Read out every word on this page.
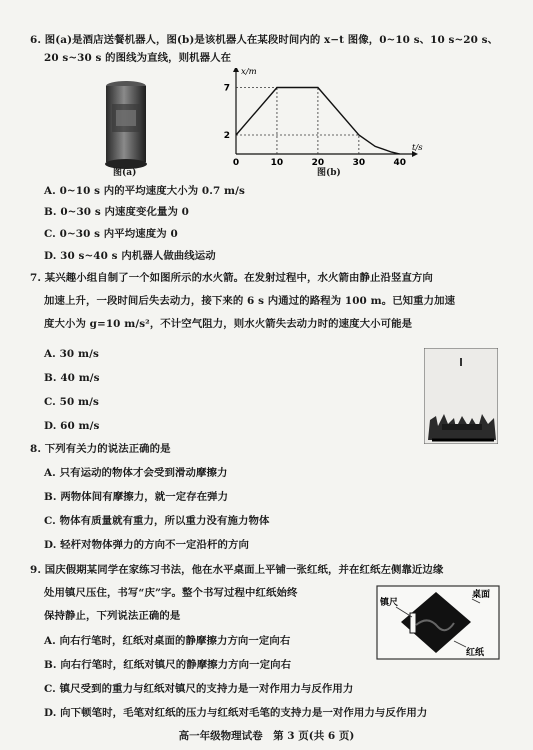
6. 图(a)是酒店送餐机器人，图(b)是该机器人在某段时间内的 x−t 图像，0~10 s、10 s~20 s、
20 s~30 s 的图线为直线，则机器人在
图(a)
0	10	20	30	40
2
7
t/s
x/m
图(b)
A. 0~10 s 内的平均速度大小为 0.7 m/s
B. 0~30 s 内速度变化量为 0
C. 0~30 s 内平均速度为 0
D. 30 s~40 s 内机器人做曲线运动
7. 某兴趣小组自制了一个如图所示的水火箭。在发射过程中，水火箭由静止沿竖直方向
加速上升，一段时间后失去动力，接下来的 6 s 内通过的路程为 100 m。已知重力加速
度大小为 g=10 m/s²，不计空气阻力，则水火箭失去动力时的速度大小可能是
A. 30 m/s
B. 40 m/s
C. 50 m/s
D. 60 m/s
8. 下列有关力的说法正确的是
A. 只有运动的物体才会受到滑动摩擦力
B. 两物体间有摩擦力，就一定存在弹力
C. 物体有质量就有重力，所以重力没有施力物体
D. 轻杆对物体弹力的方向不一定沿杆的方向
9. 国庆假期某同学在家练习书法，他在水平桌面上平铺一张红纸，并在红纸左侧靠近边缘
处用镇尺压住，书写“庆”字。整个书写过程中红纸始终
保持静止，下列说法正确的是
镇尺
桌面
红纸
A. 向右行笔时，红纸对桌面的静摩擦力方向一定向右
B. 向右行笔时，红纸对镇尺的静摩擦力方向一定向右
C. 镇尺受到的重力与红纸对镇尺的支持力是一对作用力与反作用力
D. 向下顿笔时，毛笔对红纸的压力与红纸对毛笔的支持力是一对作用力与反作用力
高一年级物理试卷　第 3 页(共 6 页)
